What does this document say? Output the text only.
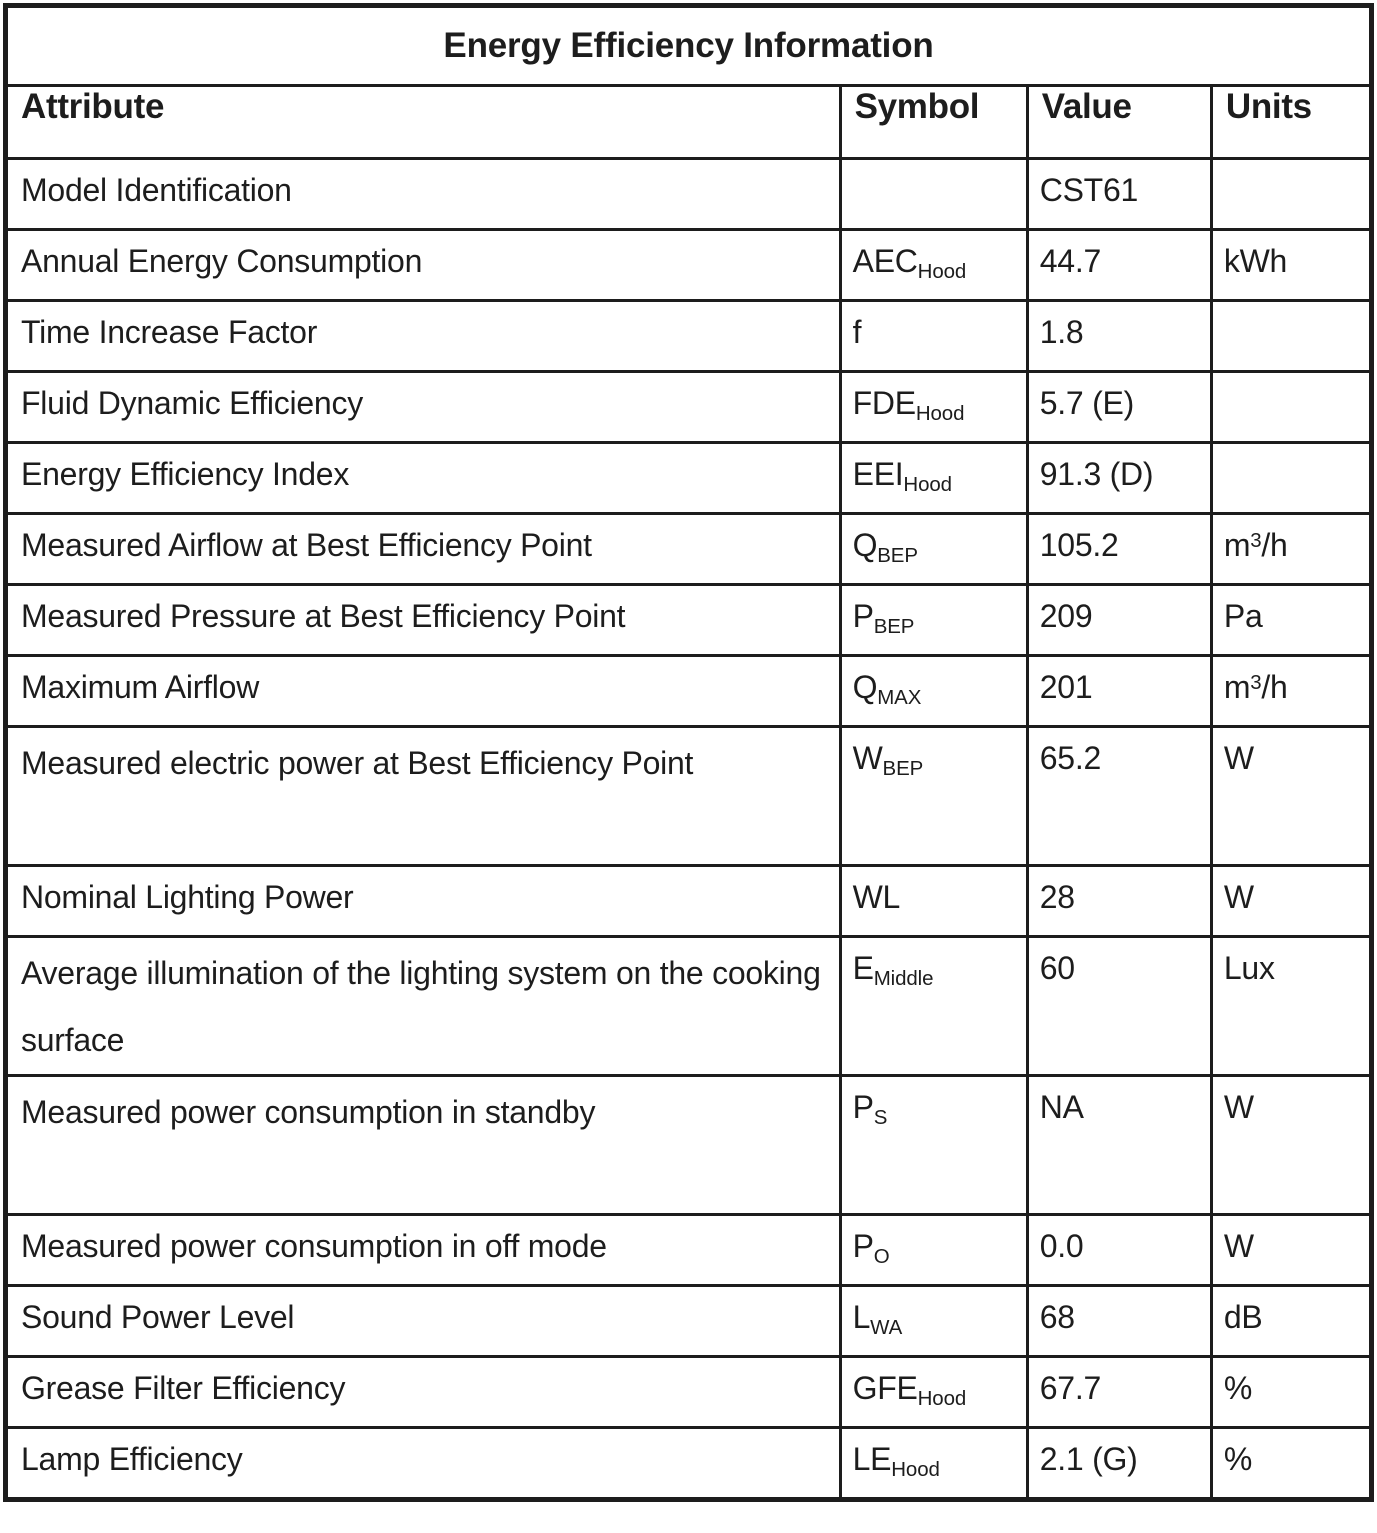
Energy Efficiency Information			

Attribute	Symbol	Value	Units

Model Identification		CST61	

Annual Energy Consumption	$AEC_{Hood}$	44.7	kWh

Time Increase Factor	f	1.8	

Fluid Dynamic Efficiency	$FDE_{Hood}$	5.7 (E)	

Energy Efficiency Index	$EEI_{Hood}$	91.3 (D)	

Measured Airflow at Best Efficiency Point	$Q_{BEP}$	105.2	$m^3/h$

Measured Pressure at Best Efficiency Point	$P_{BEP}$	209	Pa

Maximum Airflow	$Q_{MAX}$	201	$m^3/h$

Measured electric power at Best Efficiency Point	$W_{BEP}$	65.2	W

Nominal Lighting Power	WL	28	W

Average illumination of the lighting system on the cooking surface	$E_{Middle}$	60	Lux

Measured power consumption in standby	$P_S$	NA	W

Measured power consumption in off mode	$P_O$	0.0	W

Sound Power Level	$L_{WA}$	68	dB

Grease Filter Efficiency	$GFE_{Hood}$	67.7	%

Lamp Efficiency	$LE_{Hood}$	2.1 (G)	%
